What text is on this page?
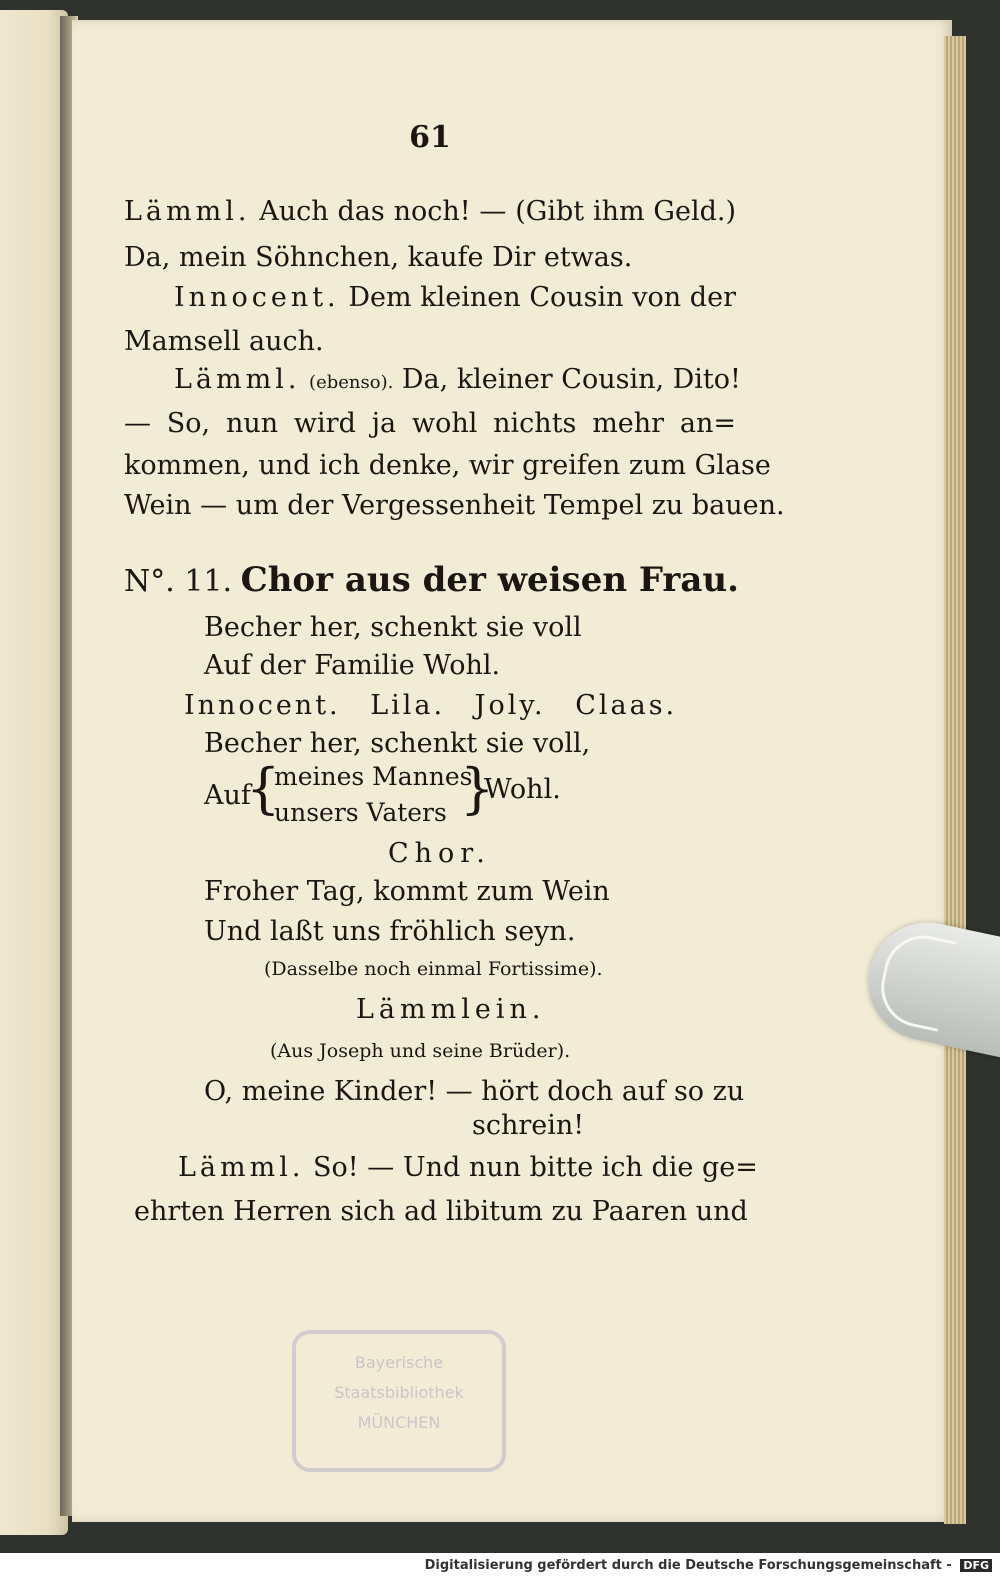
Bayerische
Staatsbibliothek
MÜNCHEN
61
Lämml. Auch das noch! — (Gibt ihm Geld.)
Da, mein Söhnchen, kaufe Dir etwas.
Innocent. Dem kleinen Cousin von der
Mamsell auch.
Lämml. (ebenso). Da, kleiner Cousin, Dito!
— So, nun wird ja wohl nichts mehr an=
kommen, und ich denke, wir greifen zum Glase
Wein — um der Vergessenheit Tempel zu bauen.
N°. 11. Chor aus der weisen Frau.
Becher her, schenkt sie voll
Auf der Familie Wohl.
Innocent. Lila. Joly. Claas.
Becher her, schenkt sie voll,
Auf
{
meines Mannes
unsers Vaters }
Wohl.
Chor.
Froher Tag, kommt zum Wein
Und laßt uns fröhlich seyn.
(Dasselbe noch einmal Fortissime).
Lämmlein.
(Aus Joseph und seine Brüder).
O, meine Kinder! — hört doch auf so zu
schrein!
Lämml. So! — Und nun bitte ich die ge=
ehrten Herren sich ad libitum zu Paaren und
Digitalisierung gefördert durch die Deutsche Forschungsgemeinschaft - DFG
